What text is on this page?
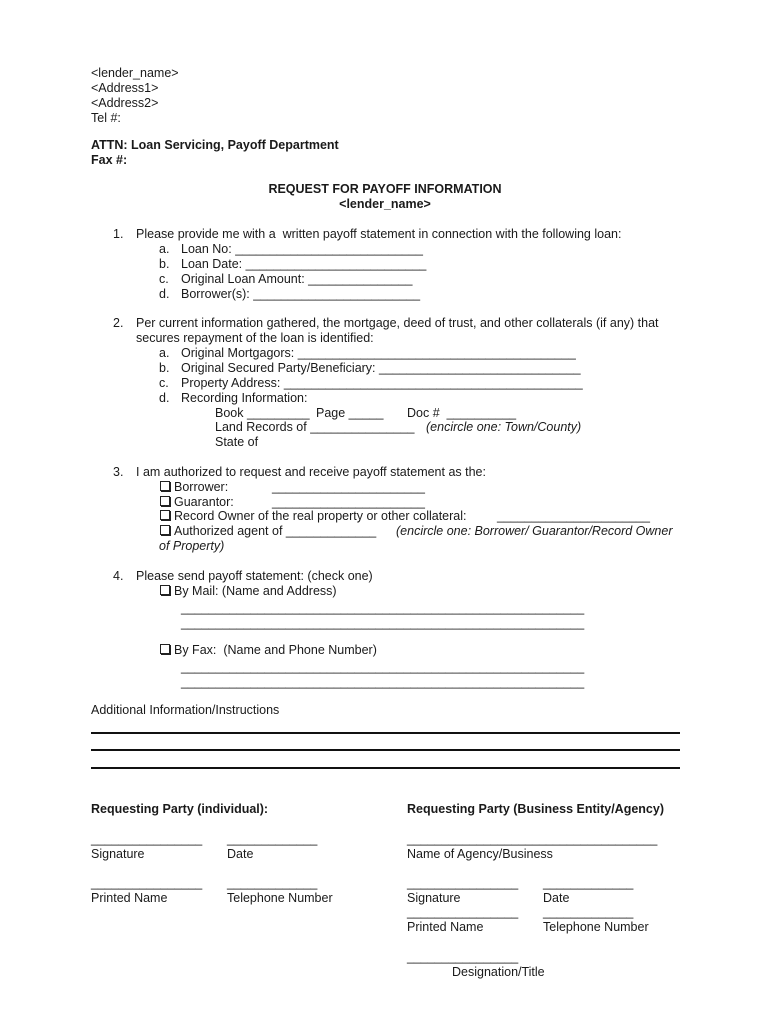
<lender_name>
<Address1>
<Address2>
Tel #:
ATTN: Loan Servicing, Payoff Department
Fax #:
REQUEST FOR PAYOFF INFORMATION
<lender_name>
1. Please provide me with a  written payoff statement in connection with the following loan:
a. Loan No: ___________________________
b. Loan Date: __________________________
c. Original Loan Amount: _______________
d. Borrower(s): ________________________
2. Per current information gathered, the mortgage, deed of trust, and other collaterals (if any) that
secures repayment of the loan is identified:
a. Original Mortgagors: ________________________________________
b. Original Secured Party/Beneficiary: _____________________________
c. Property Address: ___________________________________________
d. Recording Information:
Book _________ Page _____ Doc #  __________
Land Records of _______________ (encircle one: Town/County)
State of
3. I am authorized to request and receive payoff statement as the:
Borrower:	______________________
Guarantor:	______________________
Record Owner of the real property or other collateral: ______________________
Authorized agent of _____________ (encircle one: Borrower/ Guarantor/Record Owner
of Property)
4. Please send payoff statement: (check one)
By Mail: (Name and Address)
__________________________________________________________
__________________________________________________________
By Fax:  (Name and Phone Number)
__________________________________________________________
__________________________________________________________
Additional Information/Instructions
Requesting Party (individual):
________________ _____________
Signature	Date
________________ _____________
Printed Name	Telephone Number
Requesting Party (Business Entity/Agency)
____________________________________
Name of Agency/Business
________________ _____________
Signature	Date
________________ _____________
Printed Name	Telephone Number
________________
Designation/Title
